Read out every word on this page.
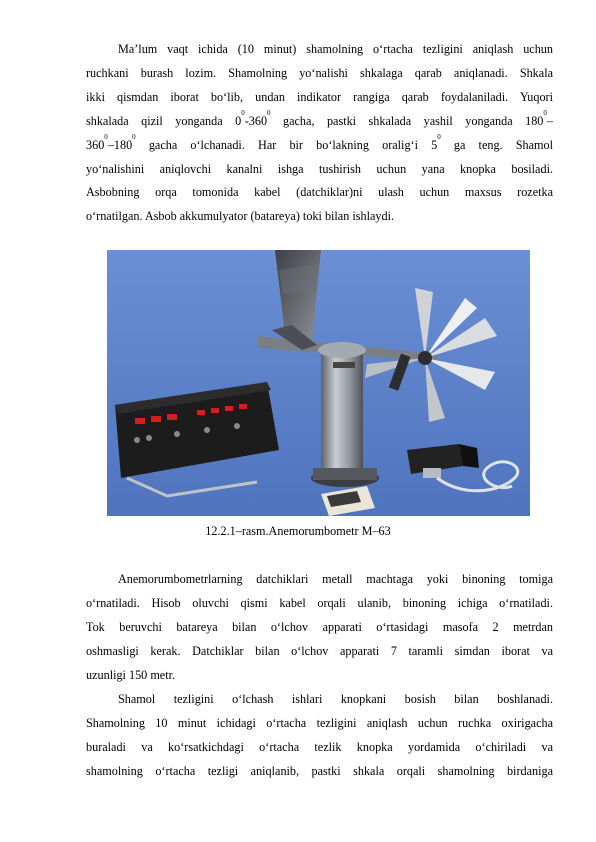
Ma’lum vaqt ichida (10 minut) shamolning o‘rtacha tezligini aniqlash uchun
ruchkani burash lozim. Shamolning yo‘nalishi shkalaga qarab aniqlanadi. Shkala
ikki qismdan iborat bo‘lib, undan indikator rangiga qarab foydalaniladi. Yuqori
shkalada qizil yonganda $0^0-360^0$ gacha, pastki shkalada yashil yonganda $180^0-$
$360^0-180^0$ gacha o‘lchanadi. Har bir bo‘lakning oralig‘i $5^0$ ga teng. Shamol
yo‘nalishini aniqlovchi kanalni ishga tushirish uchun yana knopka bosiladi.
Asbobning orqa tomonida kabel (datchiklar)ni ulash uchun maxsus rozetka
o‘rnatilgan. Asbob akkumulyator (batareya) toki bilan ishlaydi.
12.2.1–rasm.Anemorumbometr M–63
Anemorumbometrlarning datchiklari metall machtaga yoki binoning tomiga
o‘rnatiladi. Hisob oluvchi qismi kabel orqali ulanib, binoning ichiga o‘rnatiladi.
Tok beruvchi batareya bilan o‘lchov apparati o‘rtasidagi masofa 2 metrdan
oshmasligi kerak. Datchiklar bilan o‘lchov apparati 7 taramli simdan iborat va
uzunligi 150 metr.
Shamol tezligini o‘lchash ishlari knopkani bosish bilan boshlanadi.
Shamolning 10 minut ichidagi o‘rtacha tezligini aniqlash uchun ruchka oxirigacha
buraladi va ko‘rsatkichdagi o‘rtacha tezlik knopka yordamida o‘chiriladi va
shamolning o‘rtacha tezligi aniqlanib, pastki shkala orqali shamolning birdaniga
